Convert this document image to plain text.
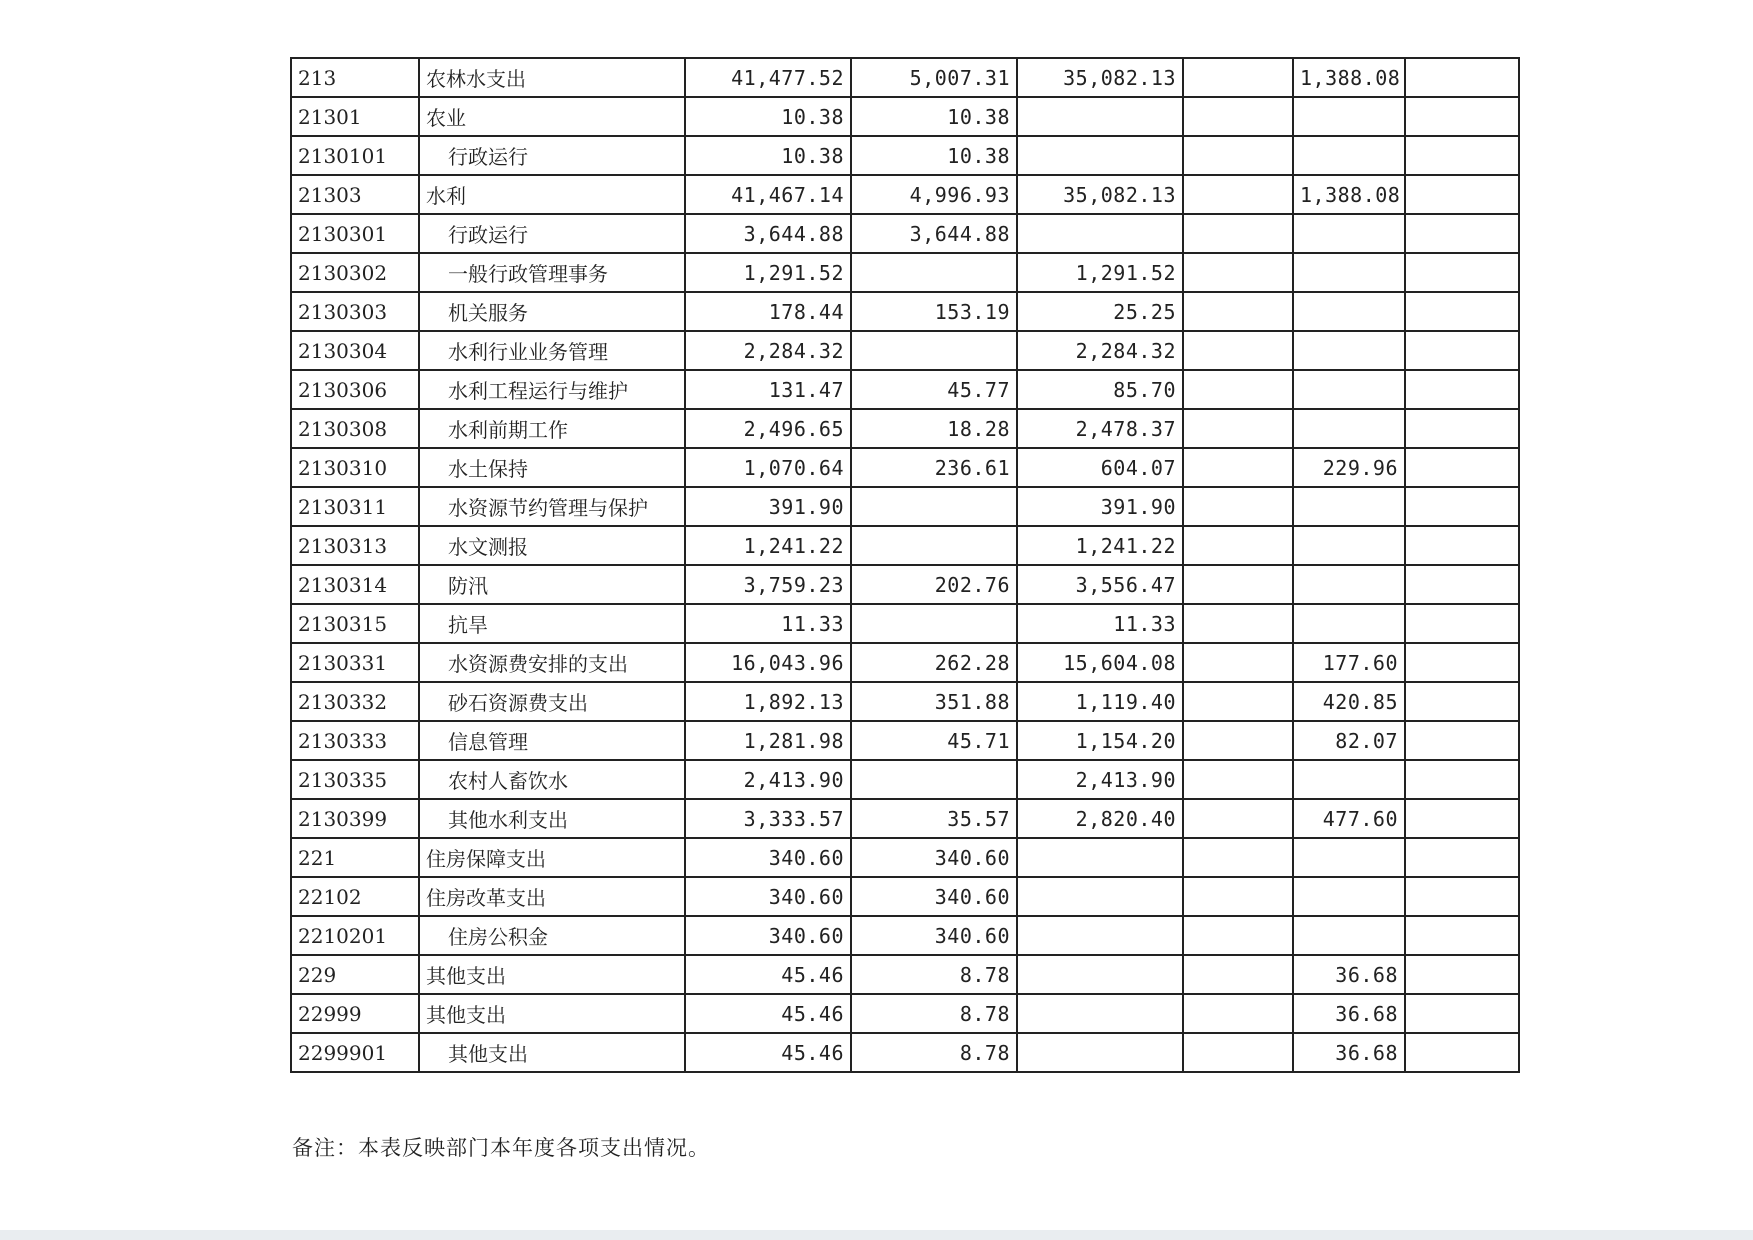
213	农林水支出	41,477.52	5,007.31	35,082.13		1,388.08	
21301	农业	10.38	10.38				
2130101	行政运行	10.38	10.38				
21303	水利	41,467.14	4,996.93	35,082.13		1,388.08	
2130301	行政运行	3,644.88	3,644.88				
2130302	一般行政管理事务	1,291.52		1,291.52			
2130303	机关服务	178.44	153.19	25.25			
2130304	水利行业业务管理	2,284.32		2,284.32			
2130306	水利工程运行与维护	131.47	45.77	85.70			
2130308	水利前期工作	2,496.65	18.28	2,478.37			
2130310	水土保持	1,070.64	236.61	604.07		229.96	
2130311	水资源节约管理与保护	391.90		391.90			
2130313	水文测报	1,241.22		1,241.22			
2130314	防汛	3,759.23	202.76	3,556.47			
2130315	抗旱	11.33		11.33			
2130331	水资源费安排的支出	16,043.96	262.28	15,604.08		177.60	
2130332	砂石资源费支出	1,892.13	351.88	1,119.40		420.85	
2130333	信息管理	1,281.98	45.71	1,154.20		82.07	
2130335	农村人畜饮水	2,413.90		2,413.90			
2130399	其他水利支出	3,333.57	35.57	2,820.40		477.60	
221	住房保障支出	340.60	340.60				
22102	住房改革支出	340.60	340.60				
2210201	住房公积金	340.60	340.60				
229	其他支出	45.46	8.78			36.68	
22999	其他支出	45.46	8.78			36.68	
2299901	其他支出	45.46	8.78			36.68	
备注：本表反映部门本年度各项支出情况。
